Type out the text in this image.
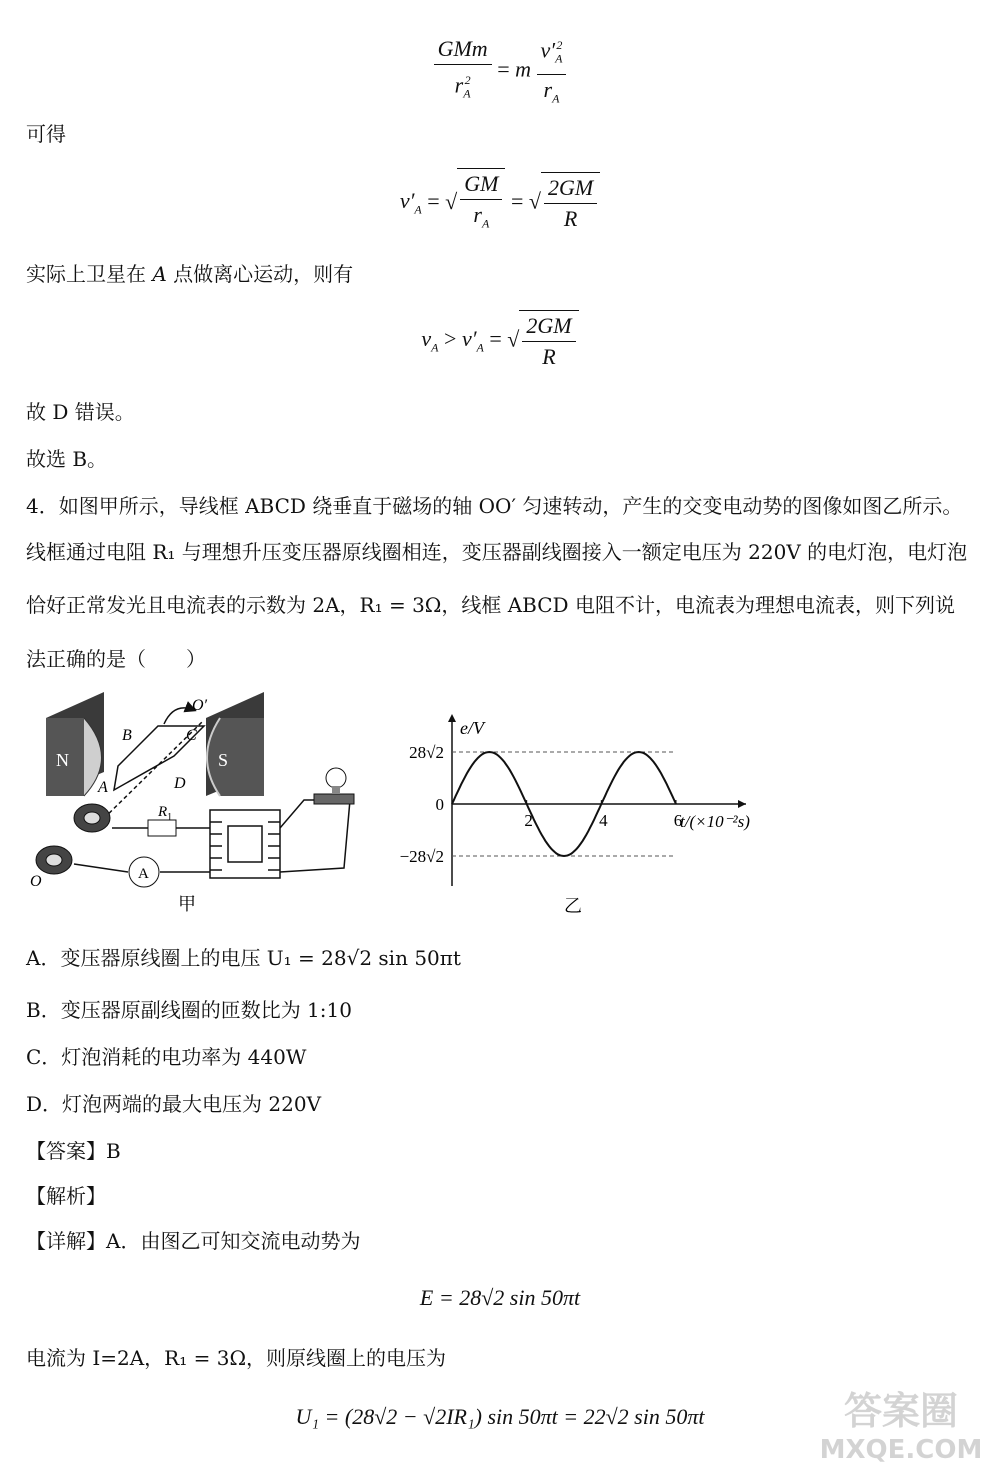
$\frac{\text{GMm}}{r_A^2} = m \frac{v'_A^2}{r_A}$
可得
$v'_A$ = √ $\frac{GM}{r_A}$ = √ $\frac{2GM}{R}$
实际上卫星在 A 点做离心运动，则有
$v_A > v'_A$ = √ $\frac{2GM}{R}$
故 D 错误。
故选 B。
4．如图甲所示，导线框 ABCD 绕垂直于磁场的轴 OO′ 匀速转动，产生的交变电动势的图像如图乙所示。
线框通过电阻 R₁ 与理想升压变压器原线圈相连，变压器副线圈接入一额定电压为 220V 的电灯泡，电灯泡
恰好正常发光且电流表的示数为 2A，R₁ = 3Ω，线框 ABCD 电阻不计，电流表为理想电流表，则下列说
法正确的是（　　）
N	S
B	C
O′
D
A
O
$R_1$
A
甲
28√2
0
−28√2
2	4	6
e/V
t/(×10⁻²s)
乙
A．变压器原线圈上的电压 U₁ = 28√2 sin 50πt
B．变压器原副线圈的匝数比为 1:10
C．灯泡消耗的电功率为 440W
D．灯泡两端的最大电压为 220V
【答案】B
【解析】
【详解】A．由图乙可知交流电动势为
E = 28√2 sin 50πt
电流为 I=2A，R₁ = 3Ω，则原线圈上的电压为
U₁ = (28√2 − √2IR₁) sin 50πt = 22√2 sin 50πt	答案圈
MXQE.COM
